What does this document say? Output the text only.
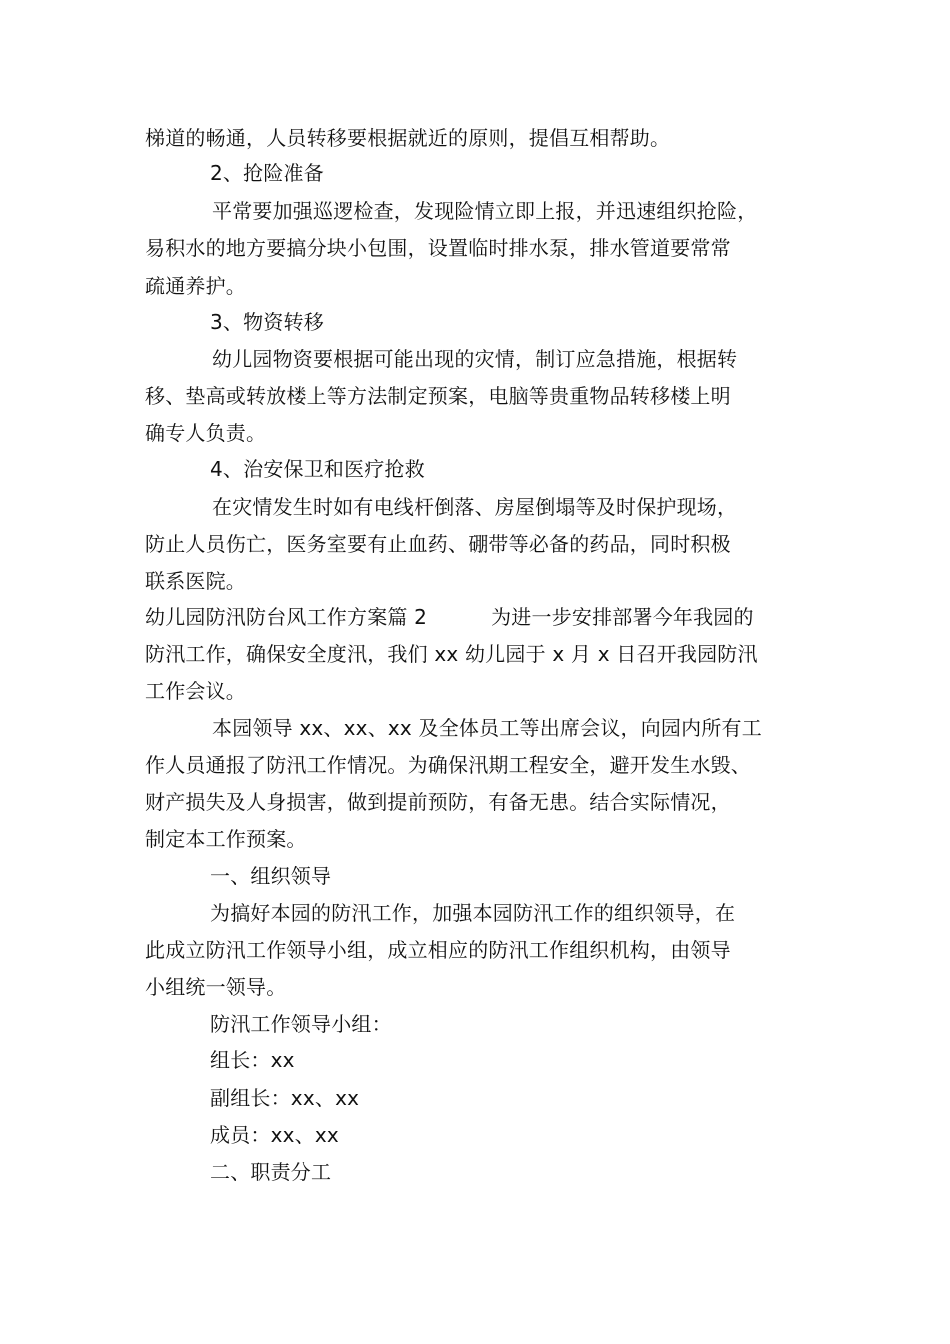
梯道的畅通，人员转移要根据就近的原则，提倡互相帮助。
2、抢险准备
平常要加强巡逻检查，发现险情立即上报，并迅速组织抢险，
易积水的地方要搞分块小包围，设置临时排水泵，排水管道要常常
疏通养护。
3、物资转移
幼儿园物资要根据可能出现的灾情，制订应急措施，根据转
移、垫高或转放楼上等方法制定预案，电脑等贵重物品转移楼上明
确专人负责。
4、治安保卫和医疗抢救
在灾情发生时如有电线杆倒落、房屋倒塌等及时保护现场，
防止人员伤亡，医务室要有止血药、硼带等必备的药品，同时积极
联系医院。
幼儿园防汛防台风工作方案篇 2	为进一步安排部署今年我园的
防汛工作，确保安全度汛，我们 xx 幼儿园于 x 月 x 日召开我园防汛
工作会议。
本园领导 xx、xx、xx 及全体员工等出席会议，向园内所有工
作人员通报了防汛工作情况。为确保汛期工程安全，避开发生水毁、
财产损失及人身损害，做到提前预防，有备无患。结合实际情况，
制定本工作预案。
一、组织领导
为搞好本园的防汛工作，加强本园防汛工作的组织领导，在
此成立防汛工作领导小组，成立相应的防汛工作组织机构，由领导
小组统一领导。
防汛工作领导小组：
组长：xx
副组长：xx、xx
成员：xx、xx
二、职责分工
